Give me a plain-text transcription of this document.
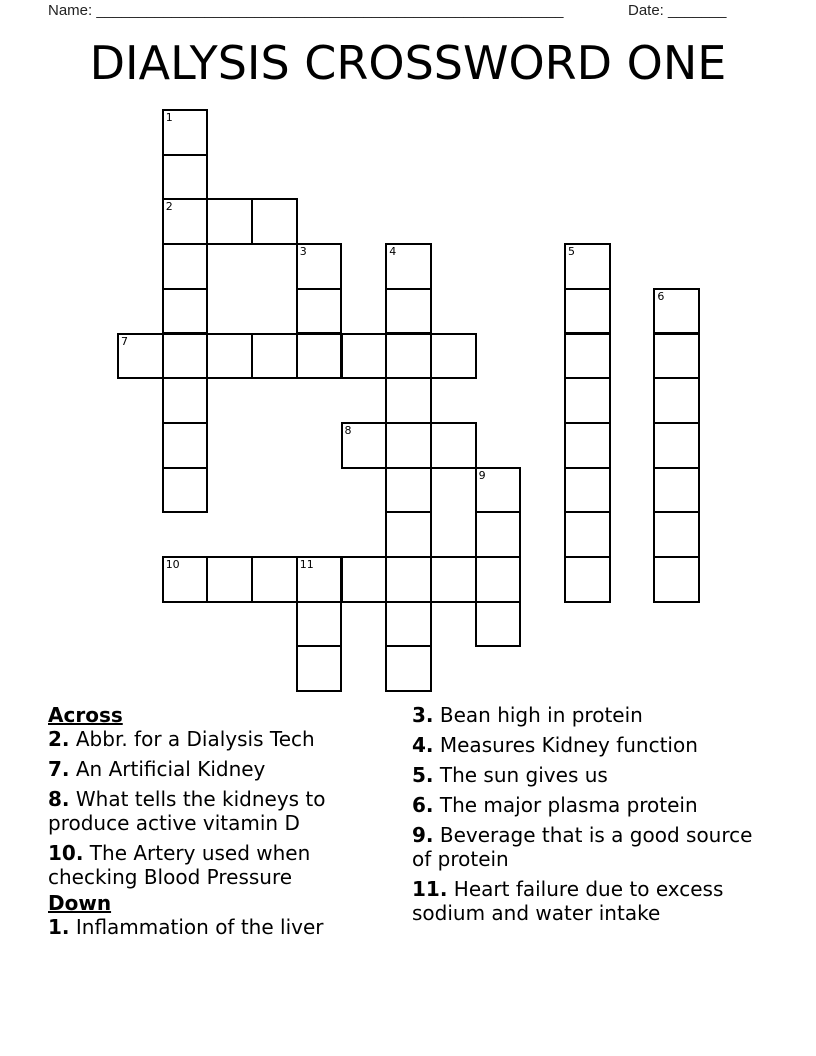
Name: ________________________________________________________	Date: _______
DIALYSIS CROSSWORD ONE
1
2
3	4	5
6
7
8
9
10	11
Across
2. Abbr. for a Dialysis Tech
7. An Artificial Kidney
8. What tells the kidneys to produce active vitamin D
10. The Artery used when checking Blood Pressure
Down
1. Inflammation of the liver
3. Bean high in protein
4. Measures Kidney function
5. The sun gives us
6. The major plasma protein
9. Beverage that is a good source of protein
11. Heart failure due to excess sodium and water intake
